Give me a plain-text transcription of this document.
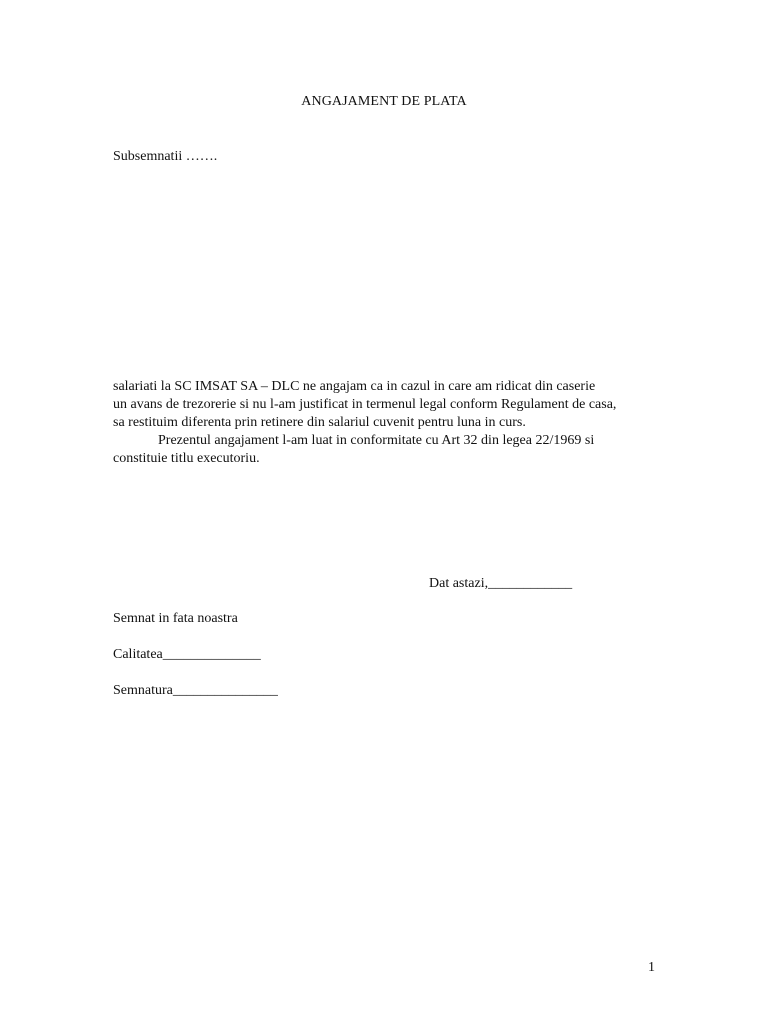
ANGAJAMENT DE PLATA
Subsemnatii …….
salariati la SC IMSAT SA – DLC ne angajam ca in cazul in care am ridicat din caserie
un avans de trezorerie si nu l-am justificat in termenul legal conform Regulament de casa,
sa restituim diferenta prin retinere din salariul cuvenit pentru luna in curs.
Prezentul angajament l-am luat in conformitate cu Art 32 din legea 22/1969 si
constituie titlu executoriu.
Dat astazi,____________
Semnat in fata noastra
Calitatea______________
Semnatura_______________
1
